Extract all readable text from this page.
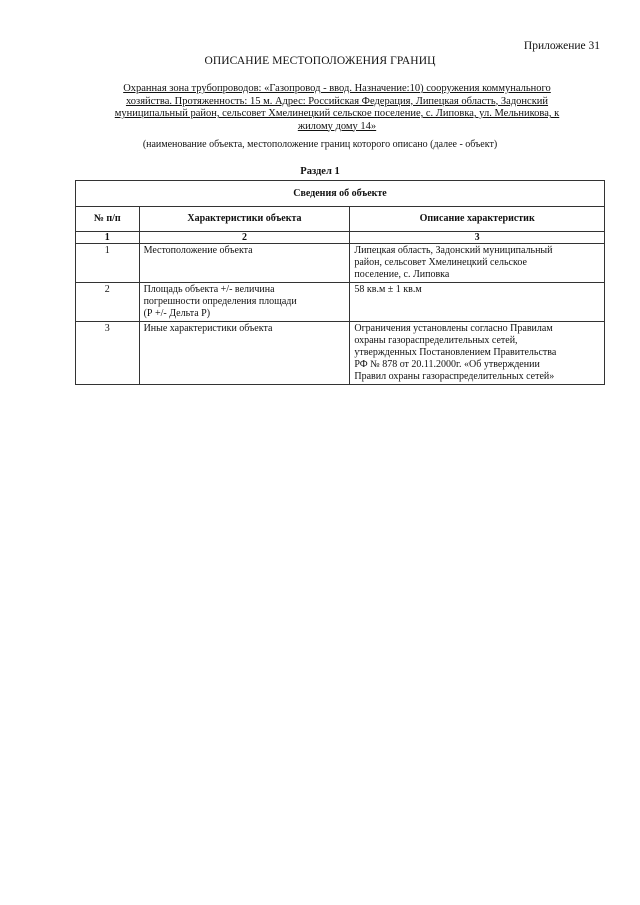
Приложение 31
ОПИСАНИЕ МЕСТОПОЛОЖЕНИЯ ГРАНИЦ
Охранная зона трубопроводов: «Газопровод - ввод. Назначение:10) сооружения коммунального
хозяйства. Протяженность: 15 м. Адрес: Российская Федерация, Липецкая область, Задонский
муниципальный район, сельсовет Хмелинецкий сельское поселение, с. Липовка, ул. Мельникова, к
жилому дому 14»
(наименование объекта, местоположение границ которого описано (далее - объект)
Раздел 1
Сведения об объекте		
№ п/п	Характеристики объекта	Описание характеристик
1	2	3
1	Местоположение объекта	Липецкая область, Задонский муниципальный
район, сельсовет Хмелинецкий сельское
поселение, с. Липовка

2	Площадь объекта +/- величина
погрешности определения площади
(Р +/- Дельта Р)	58 кв.м ± 1 кв.м

3	Иные характеристики объекта	Ограничения установлены согласно Правилам
охраны газораспределительных сетей,
утвержденных Постановлением Правительства
РФ № 878 от 20.11.2000г. «Об утверждении
Правил охраны газораспределительных сетей»
